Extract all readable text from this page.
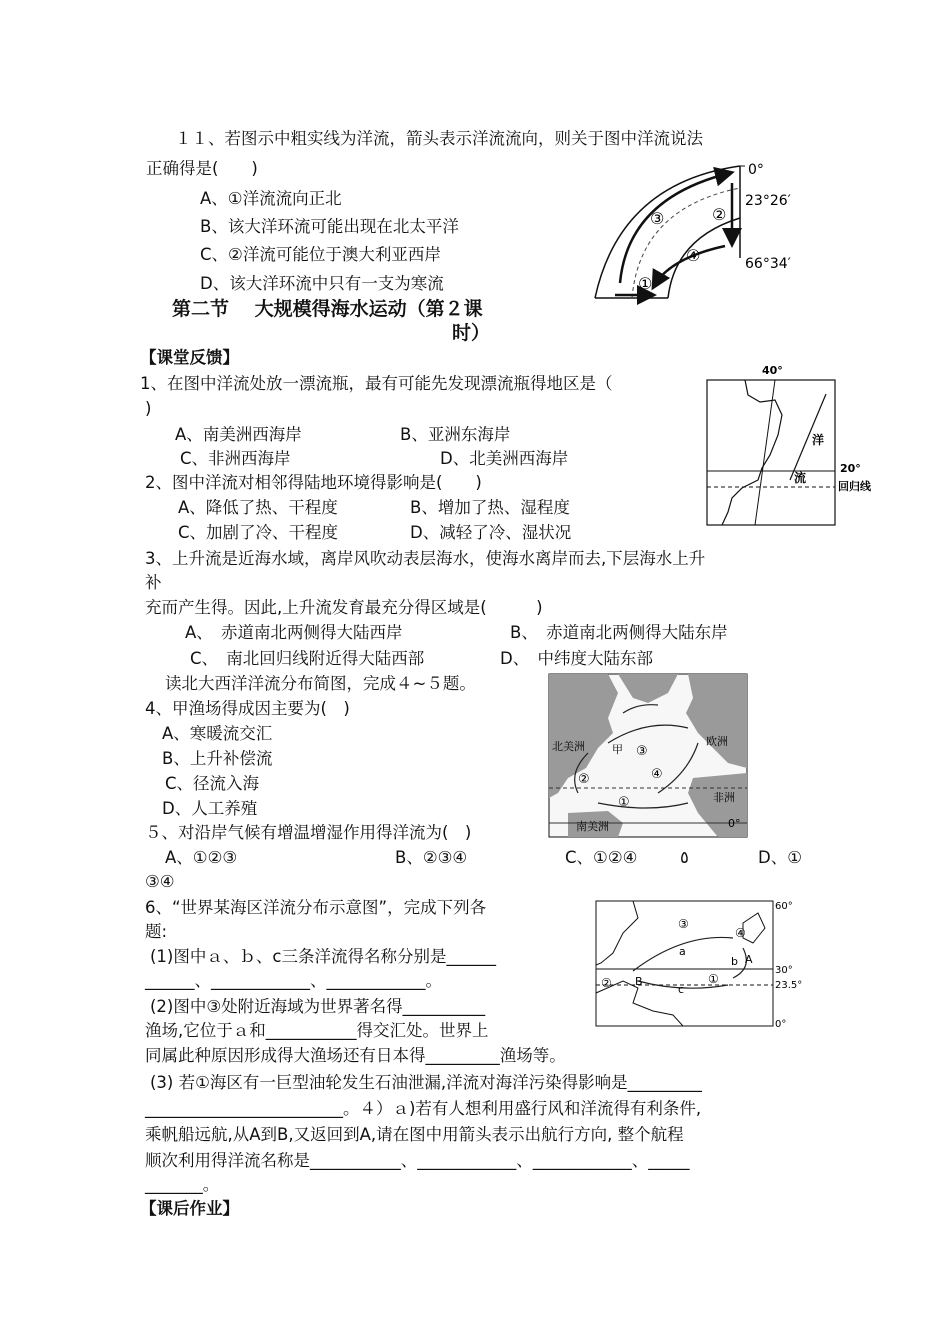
１１、若图示中粗实线为洋流，箭头表示洋流流向，则关于图中洋流说法
正确得是(　　)
A、①洋流流向正北
B、该大洋环流可能出现在北太平洋
C、②洋流可能位于澳大利亚西岸
D、该大洋环流中只有一支为寒流	①
②
③
④
0°
23°26′
66°34′
第二节　 大规模得海水运动（第２课
时）
【课堂反馈】
1、在图中洋流处放一漂流瓶，最有可能先发现漂流瓶得地区是（
)
A、南美洲西海岸	B、亚洲东海岸
C、非洲西海岸	D、北美洲西海岸
40°
20°
回归线
洋
流
2、图中洋流对相邻得陆地环境得影响是(　　)
A、降低了热、干程度	B、增加了热、湿程度
C、加剧了冷、干程度	D、减轻了冷、湿状况
3、上升流是近海水域，离岸风吹动表层海水，使海水离岸而去,下层海水上升
补
充而产生得。因此,上升流发育最充分得区域是(　　　)
A、　赤道南北两侧得大陆西岸	B、　赤道南北两侧得大陆东岸
C、　南北回归线附近得大陆西部	D、　中纬度大陆东部
读北大西洋洋流分布简图，完成４~５题。
4、甲渔场得成因主要为(　)
A、寒暖流交汇
B、上升补偿流
C、径流入海
D、人工养殖
北美洲	欧洲
非洲
南美洲
甲
0°
①
②
③
④
５、对沿岸气候有增温增湿作用得洋流为(　)
A、①②③	B、②③④	C、①②④	٥	D、①
③④
6、“世界某海区洋流分布示意图”，完成下列各
题:
(1)图中ａ、ｂ、c三条洋流得名称分别是______
______、____________、____________。
(2)图中③处附近海域为世界著名得__________
渔场,它位于ａ和___________得交汇处。世界上
同属此种原因形成得大渔场还有日本得_________渔场等。
(3) 若①海区有一巨型油轮发生石油泄漏,洋流对海洋污染得影响是_________
________________________。４）ａ)若有人想利用盛行风和洋流得有利条件,
乘帆船远航,从A到B,又返回到A,请在图中用箭头表示出航行方向, 整个航程
顺次利用得洋流名称是___________、____________、____________、_____
_______。
60°
30°
23.5°
0°
a
b
c
A
B	①
②
③
④
【课后作业】
